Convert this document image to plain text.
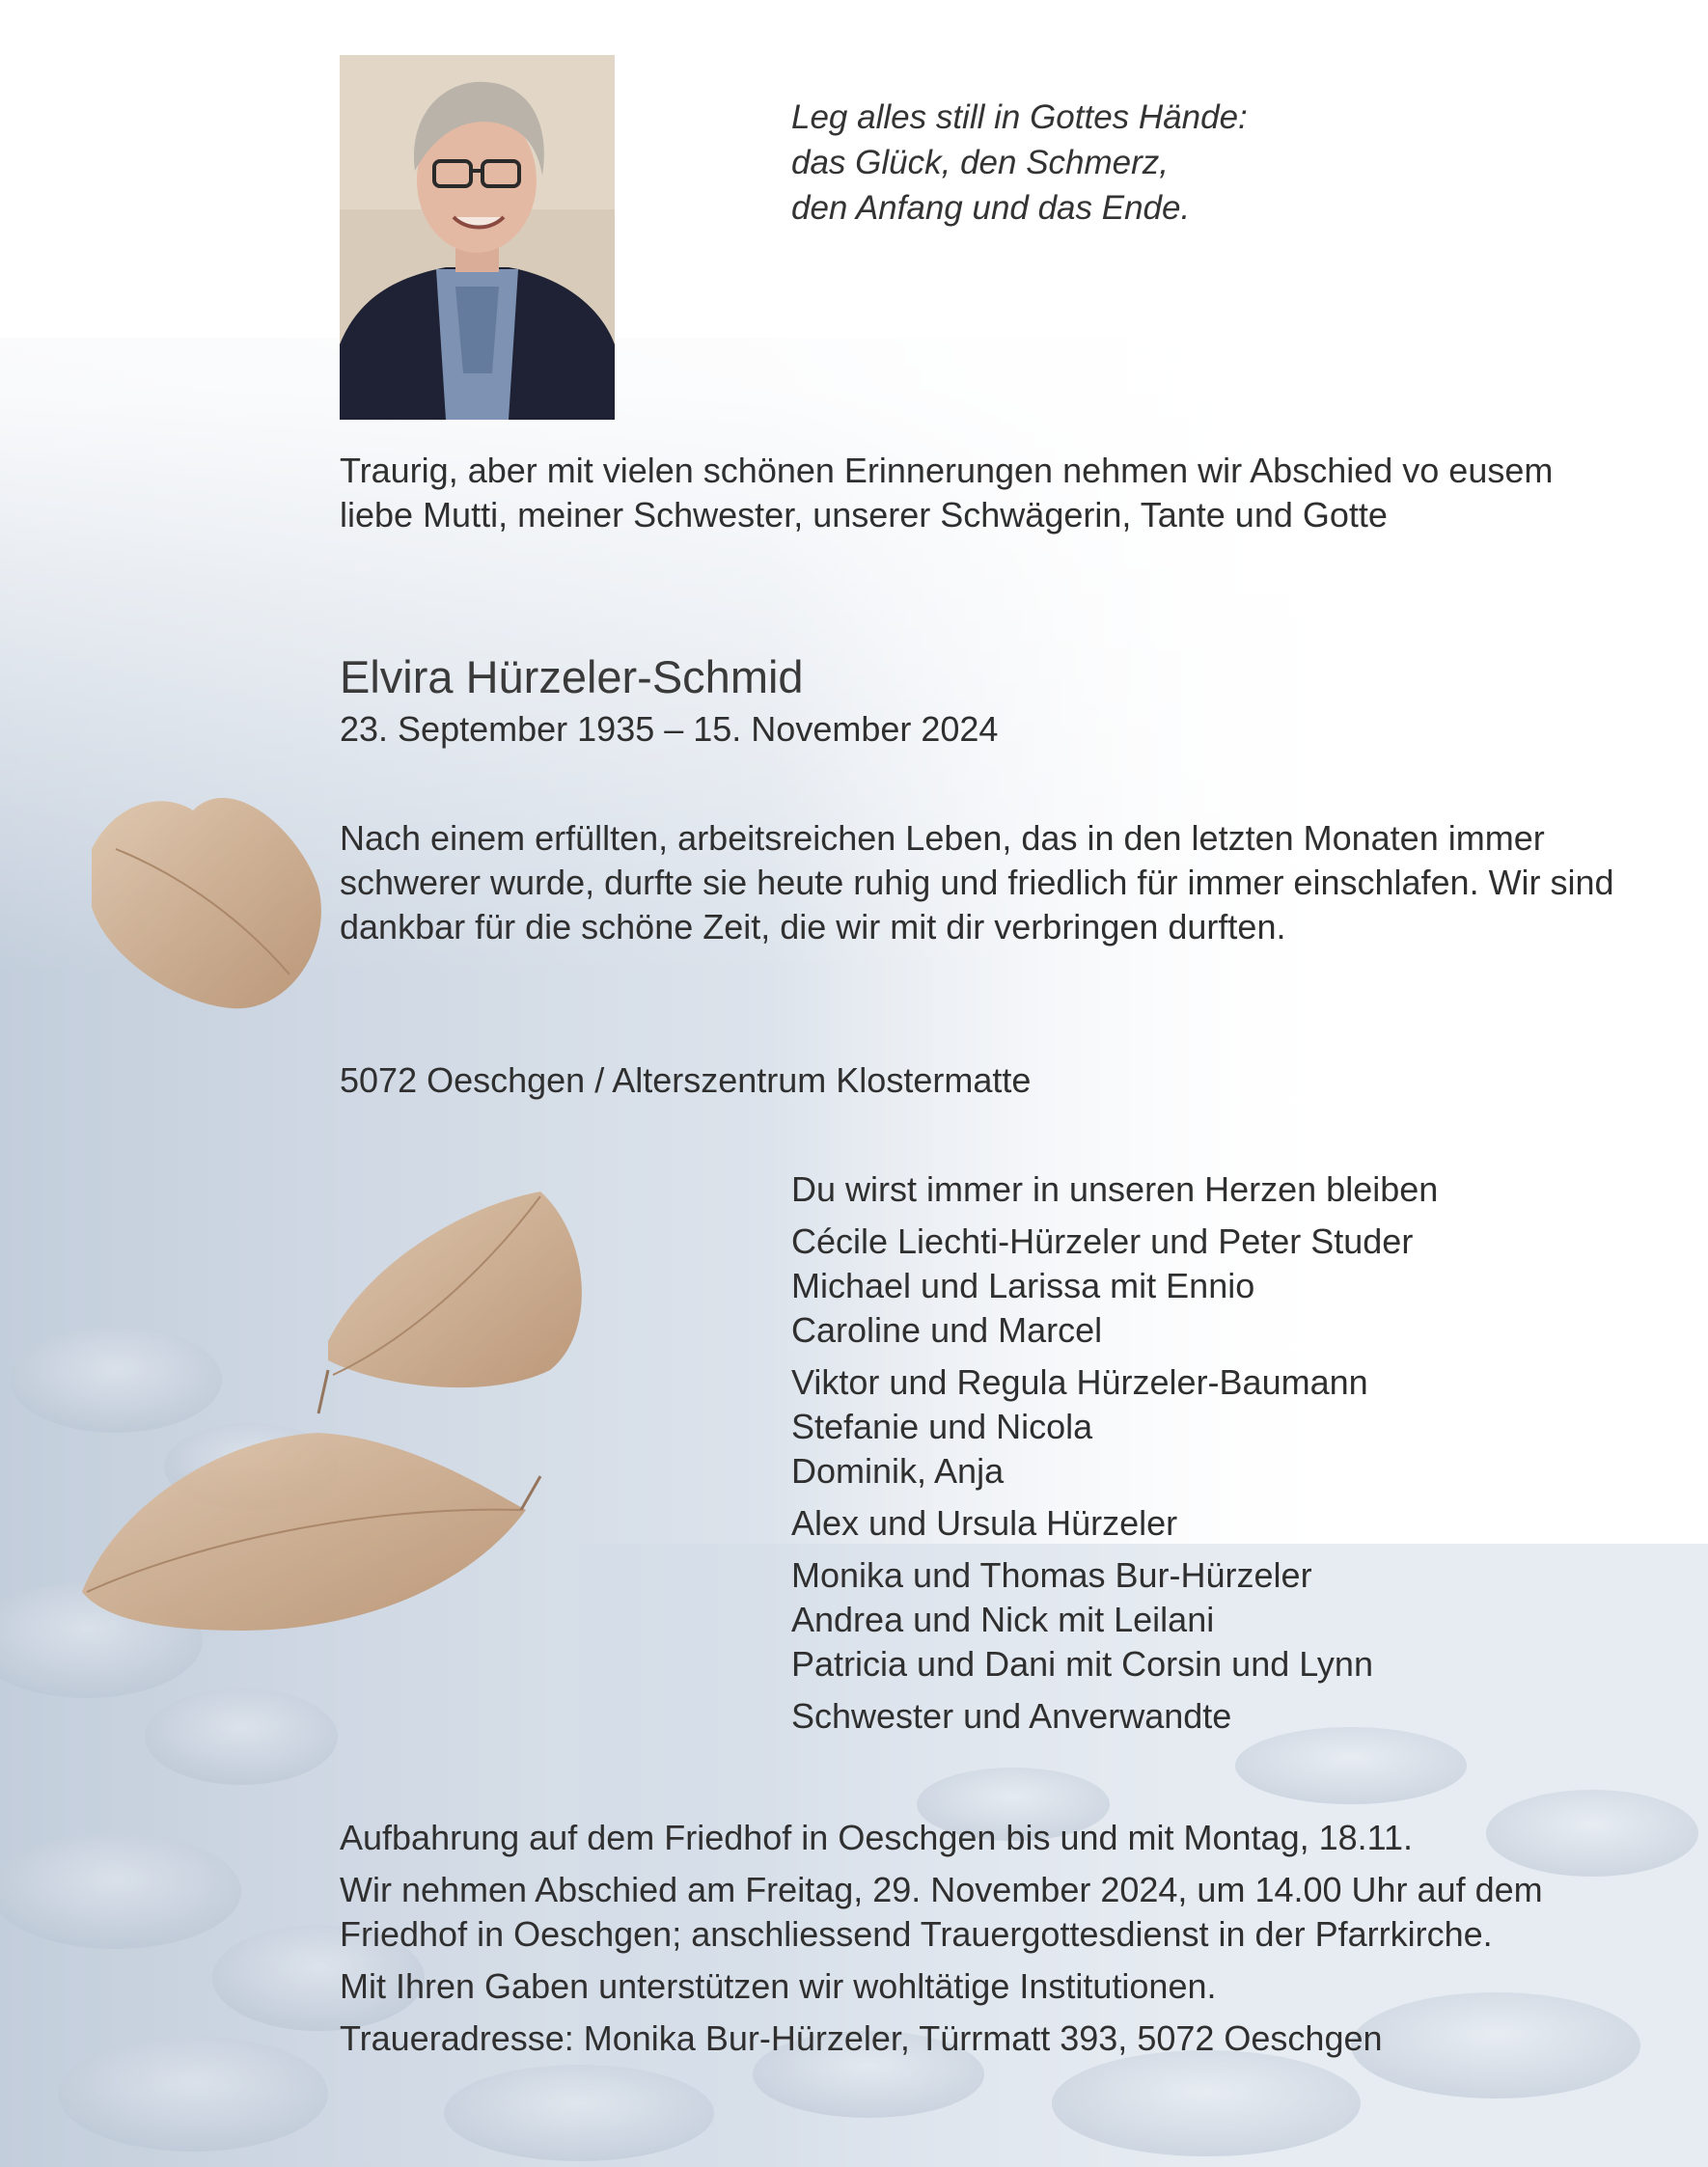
Leg alles still in Gottes Hände:
das Glück, den Schmerz,
den Anfang und das Ende.
Traurig, aber mit vielen schönen Erinnerungen nehmen wir Abschied vo eusem liebe Mutti, meiner Schwester, unserer Schwägerin, Tante und Gotte
Elvira Hürzeler-Schmid
23. September 1935 – 15. November 2024
Nach einem erfüllten, arbeitsreichen Leben, das in den letzten Monaten immer schwerer wurde, durfte sie heute ruhig und friedlich für immer einschlafen. Wir sind dankbar für die schöne Zeit, die wir mit dir verbringen durften.
5072 Oeschgen / Alterszentrum Klostermatte
Du wirst immer in unseren Herzen bleiben
Cécile Liechti-Hürzeler und Peter Studer
Michael und Larissa mit Ennio
Caroline und Marcel
Viktor und Regula Hürzeler-Baumann
Stefanie und Nicola
Dominik, Anja
Alex und Ursula Hürzeler
Monika und Thomas Bur-Hürzeler
Andrea und Nick mit Leilani
Patricia und Dani mit Corsin und Lynn
Schwester und Anverwandte

Aufbahrung auf dem Friedhof in Oeschgen bis und mit Montag, 18.11.

Wir nehmen Abschied am Freitag, 29. November 2024, um 14.00 Uhr auf dem Friedhof in Oeschgen; anschliessend Trauergottesdienst in der Pfarrkirche.

Mit Ihren Gaben unterstützen wir wohltätige Institutionen.

Traueradresse: Monika Bur-Hürzeler, Türrmatt 393, 5072 Oeschgen
